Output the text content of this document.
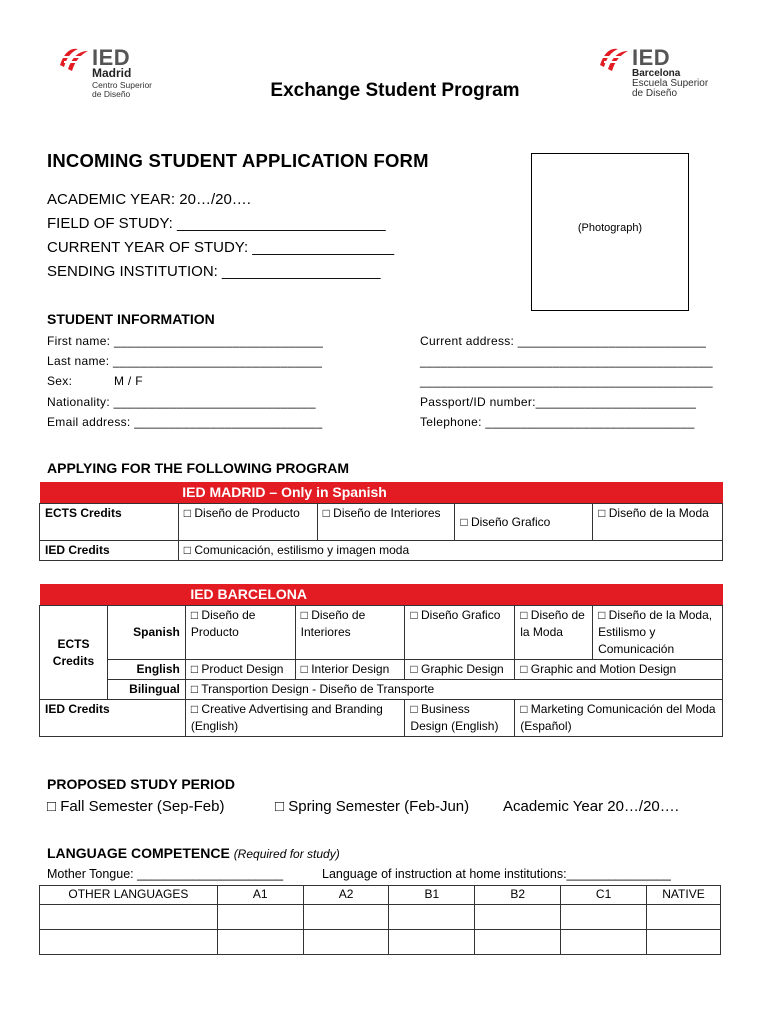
IED
Madrid
Centro Superior
de Diseño
IED
Barcelona
Escuela Superior
de Diseño
Exchange Student Program
INCOMING STUDENT APPLICATION FORM
ACADEMIC YEAR: 20…/20….
FIELD OF STUDY: _________________________
CURRENT YEAR OF STUDY: _________________
SENDING INSTITUTION: ___________________
(Photograph)
STUDENT INFORMATION
First name: ______________________________
Last name: ______________________________
Sex:	M / F
Nationality: _____________________________
Email address: ___________________________
Current address: ___________________________
__________________________________________
__________________________________________
Passport/ID number:_______________________
Telephone: ______________________________
APPLYING FOR THE FOLLOWING PROGRAM
	IED MADRID – Only in Spanish			
ECTS Credits	□ Diseño de Producto	□ Diseño de Interiores	□ Diseño Grafico	□ Diseño de la Moda
IED Credits	□ Comunicación, estilismo y imagen moda			
		IED BARCELONA				
ECTS Credits	Spanish	□ Diseño de Producto	□ Diseño de Interiores	□ Diseño Grafico	□ Diseño de la Moda	□ Diseño de la Moda, Estilismo y Comunicación
	English	□ Product Design	□ Interior Design	□ Graphic Design	□ Graphic and Motion Design	
	Bilingual	□ Transportion Design - Diseño de Transporte				
IED Credits		□ Creative Advertising and Branding (English)		□ Business Design (English)	□ Marketing Comunicación del Moda (Español)	
PROPOSED STUDY PERIOD
□ Fall Semester (Sep-Feb)	□ Spring Semester (Feb-Jun) Academic Year 20…/20….
LANGUAGE COMPETENCE (Required for study)
Mother Tongue: _____________________	Language of instruction at home institutions:_______________
OTHER LANGUAGES	A1	A2	B1	B2	C1	NATIVE
